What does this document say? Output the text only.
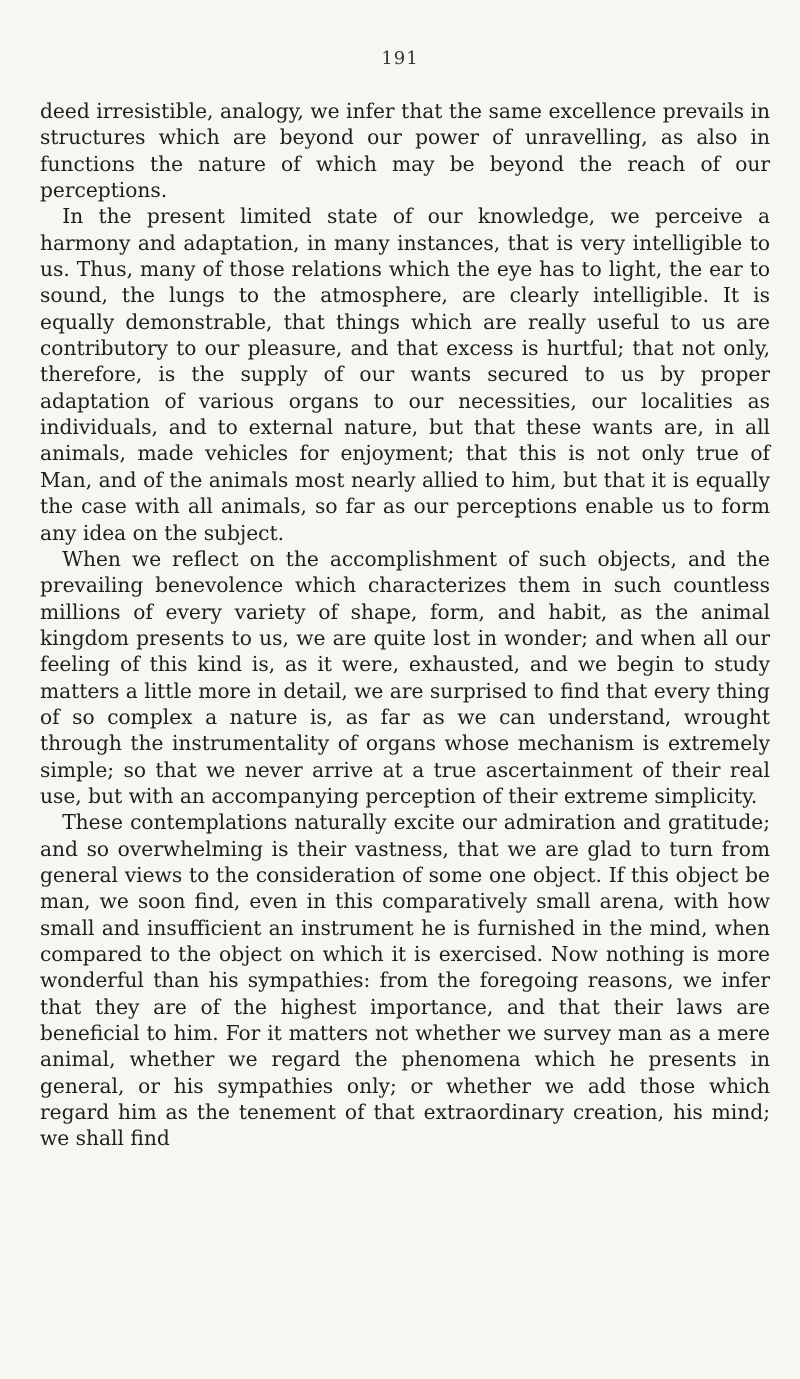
191

deed irresistible, analogy, we infer that the same excellence prevails in structures which are beyond our power of unravelling, as also in functions the nature of which may be beyond the reach of our perceptions.

In the present limited state of our knowledge, we perceive a harmony and adaptation, in many instances, that is very intelligible to us. Thus, many of those relations which the eye has to light, the ear to sound, the lungs to the atmosphere, are clearly intelligible. It is equally demonstrable, that things which are really useful to us are contributory to our pleasure, and that excess is hurtful; that not only, therefore, is the supply of our wants secured to us by proper adaptation of various organs to our necessities, our localities as individuals, and to external nature, but that these wants are, in all animals, made vehicles for enjoyment; that this is not only true of Man, and of the animals most nearly allied to him, but that it is equally the case with all animals, so far as our perceptions enable us to form any idea on the subject.

When we reflect on the accomplishment of such objects, and the prevailing benevolence which characterizes them in such countless millions of every variety of shape, form, and habit, as the animal kingdom presents to us, we are quite lost in wonder; and when all our feeling of this kind is, as it were, exhausted, and we begin to study matters a little more in detail, we are surprised to find that every thing of so complex a nature is, as far as we can understand, wrought through the instrumentality of organs whose mechanism is extremely simple; so that we never arrive at a true ascertainment of their real use, but with an accompanying perception of their extreme simplicity.

These contemplations naturally excite our admiration and gratitude; and so overwhelming is their vastness, that we are glad to turn from general views to the consideration of some one object. If this object be man, we soon find, even in this comparatively small arena, with how small and insufficient an instrument he is furnished in the mind, when compared to the object on which it is exercised. Now nothing is more wonderful than his sympathies: from the foregoing reasons, we infer that they are of the highest importance, and that their laws are beneficial to him. For it matters not whether we survey man as a mere animal, whether we regard the phenomena which he presents in general, or his sympathies only; or whether we add those which regard him as the tenement of that extraordinary creation, his mind; we shall find
